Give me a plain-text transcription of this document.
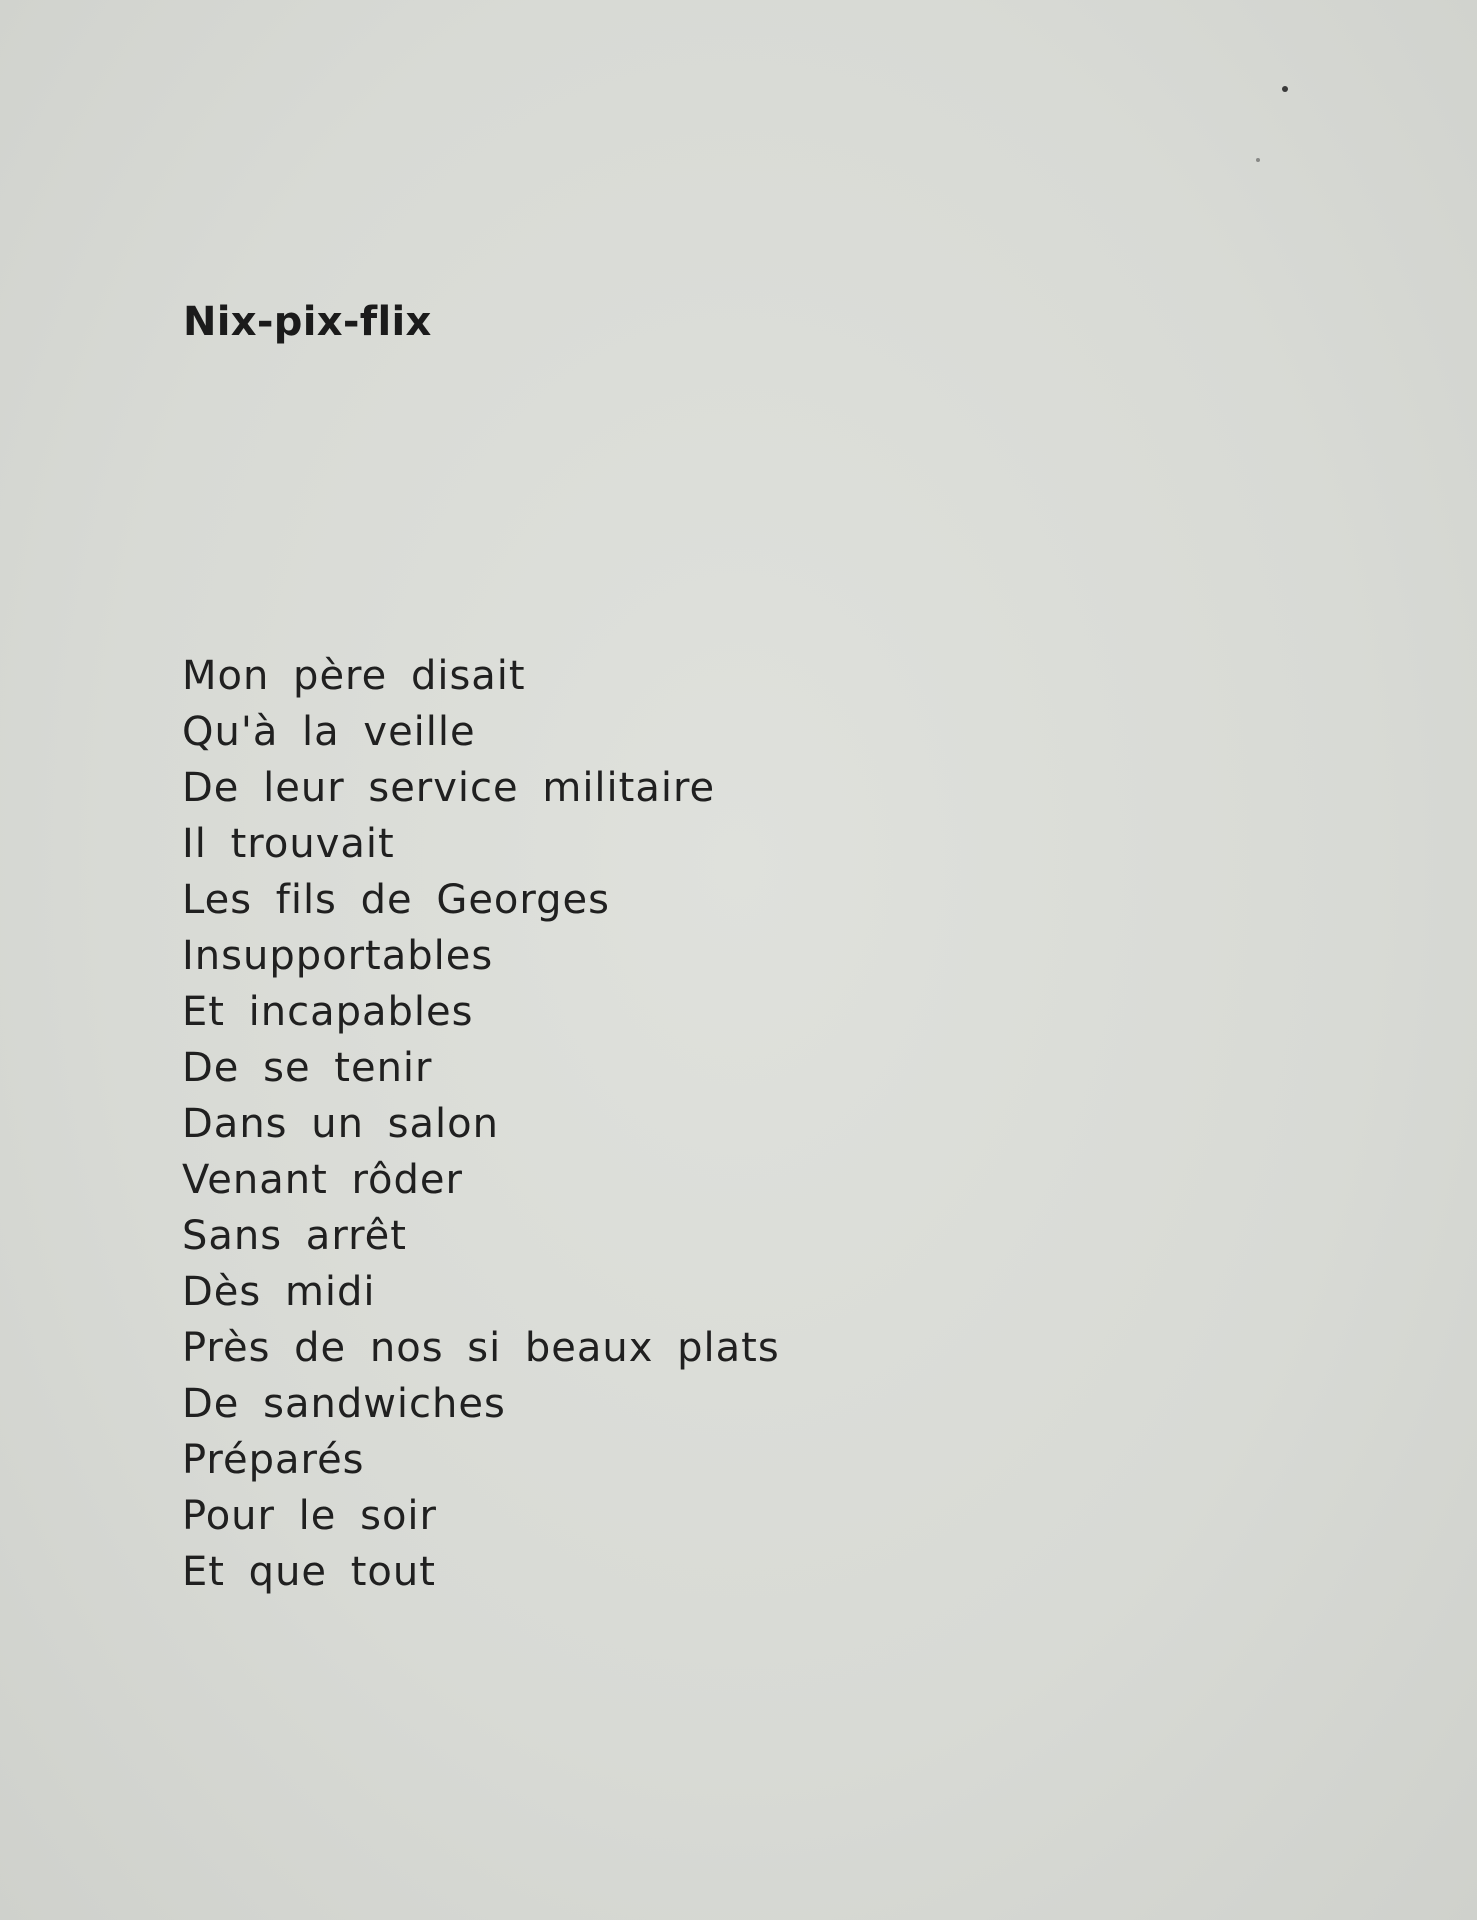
Nix-pix-flix
Mon père disait
Qu'à la veille
De leur service militaire
Il trouvait
Les fils de Georges
Insupportables
Et incapables
De se tenir
Dans un salon
Venant rôder
Sans arrêt
Dès midi
Près de nos si beaux plats
De sandwiches
Préparés
Pour le soir
Et que tout
